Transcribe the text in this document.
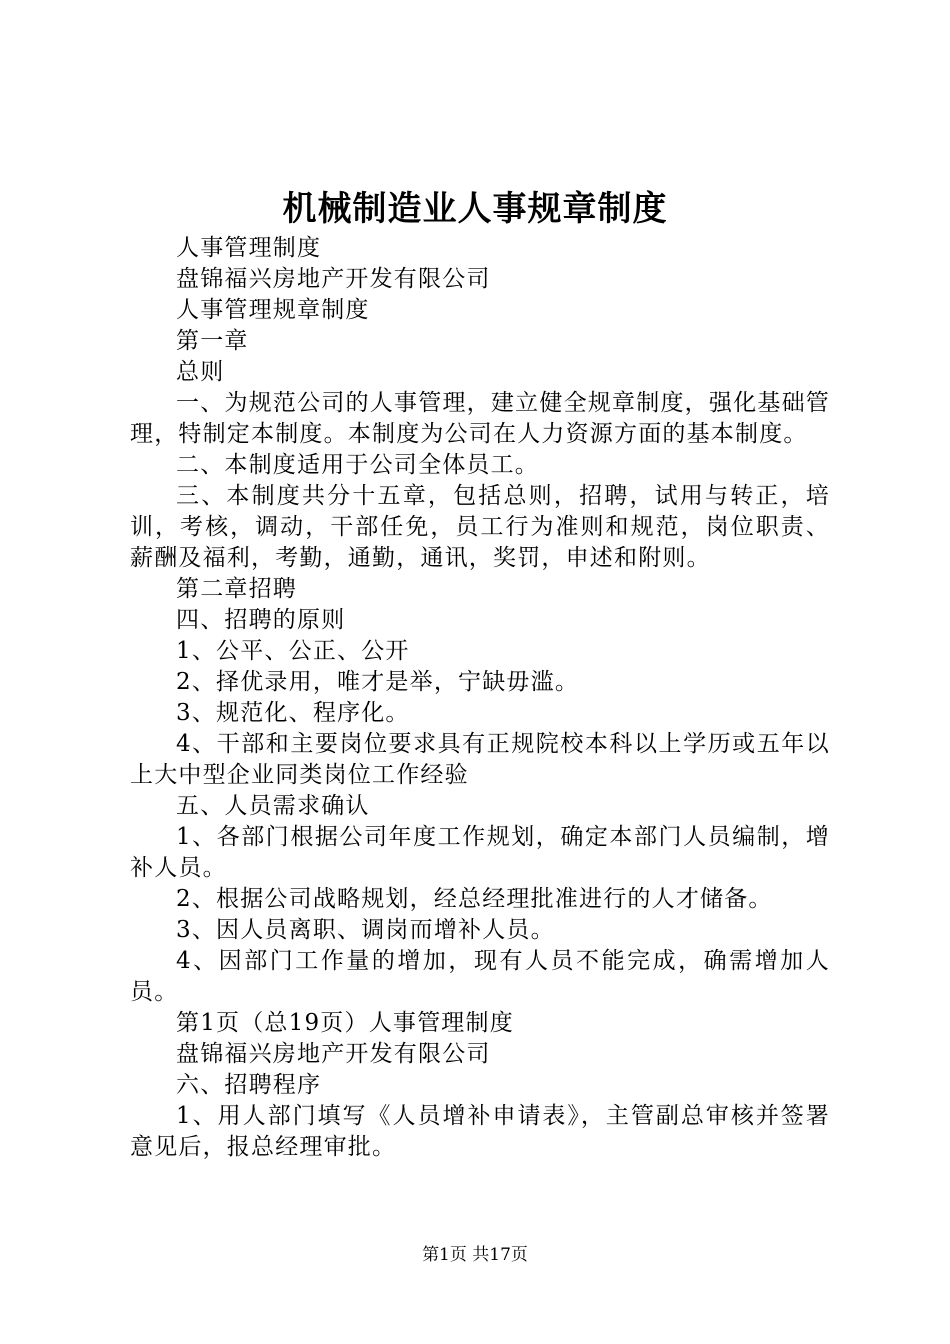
机械制造业人事规章制度

人事管理制度

盘锦福兴房地产开发有限公司

人事管理规章制度

第一章

总则

一、为规范公司的人事管理，建立健全规章制度，强化基础管理，特制定本制度。本制度为公司在人力资源方面的基本制度。

二、本制度适用于公司全体员工。

三、本制度共分十五章，包括总则，招聘，试用与转正，培训，考核，调动，干部任免，员工行为准则和规范，岗位职责、薪酬及福利，考勤，通勤，通讯，奖罚，申述和附则。

第二章招聘

四、招聘的原则

1、公平、公正、公开

2、择优录用，唯才是举，宁缺毋滥。

3、规范化、程序化。

4、干部和主要岗位要求具有正规院校本科以上学历或五年以上大中型企业同类岗位工作经验

五、人员需求确认

1、各部门根据公司年度工作规划，确定本部门人员编制，增补人员。

2、根据公司战略规划，经总经理批准进行的人才储备。

3、因人员离职、调岗而增补人员。

4、因部门工作量的增加，现有人员不能完成，确需增加人员。

第1页（总19页）人事管理制度

盘锦福兴房地产开发有限公司

六、招聘程序

1、用人部门填写《人员增补申请表》，主管副总审核并签署意见后，报总经理审批。

第1页 共17页
